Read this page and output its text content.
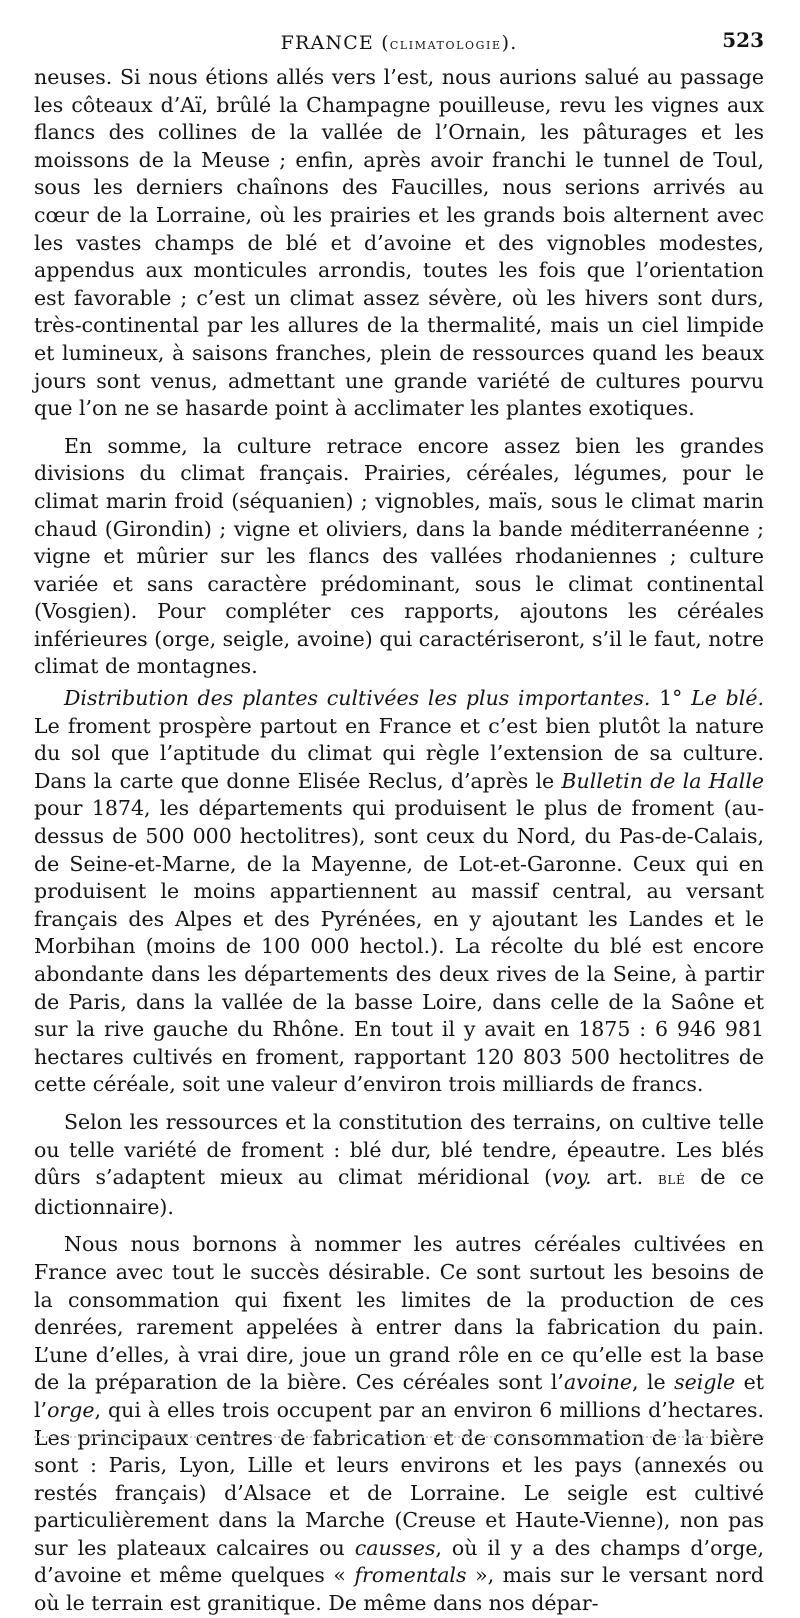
FRANCE (climatologie).	523

neuses. Si nous étions allés vers l’est, nous aurions salué au passage les côteaux d’Aï, brûlé la Champagne pouilleuse, revu les vignes aux flancs des collines de la vallée de l’Ornain, les pâturages et les moissons de la Meuse ; enfin, après avoir franchi le tunnel de Toul, sous les derniers chaînons des Faucilles, nous serions arrivés au cœur de la Lorraine, où les prairies et les grands bois alternent avec les vastes champs de blé et d’avoine et des vignobles modestes, appendus aux monticules arrondis, toutes les fois que l’orientation est favorable ; c’est un climat assez sévère, où les hivers sont durs, très-continental par les allures de la thermalité, mais un ciel limpide et lumineux, à saisons franches, plein de ressources quand les beaux jours sont venus, admettant une grande variété de cultures pourvu que l’on ne se hasarde point à acclimater les plantes exotiques.

En somme, la culture retrace encore assez bien les grandes divisions du climat français. Prairies, céréales, légumes, pour le climat marin froid (séquanien) ; vignobles, maïs, sous le climat marin chaud (Girondin) ; vigne et oliviers, dans la bande méditerranéenne ; vigne et mûrier sur les flancs des vallées rhodaniennes ; culture variée et sans caractère prédominant, sous le climat continental (Vosgien). Pour compléter ces rapports, ajoutons les céréales inférieures (orge, seigle, avoine) qui caractériseront, s’il le faut, notre climat de montagnes.

Distribution des plantes cultivées les plus importantes. 1° Le blé. Le froment prospère partout en France et c’est bien plutôt la nature du sol que l’aptitude du climat qui règle l’extension de sa culture. Dans la carte que donne Elisée Reclus, d’après le Bulletin de la Halle pour 1874, les départements qui produisent le plus de froment (au-dessus de 500 000 hectolitres), sont ceux du Nord, du Pas-de-Calais, de Seine-et-Marne, de la Mayenne, de Lot-et-Garonne. Ceux qui en produisent le moins appartiennent au massif central, au versant français des Alpes et des Pyrénées, en y ajoutant les Landes et le Morbihan (moins de 100 000 hectol.). La récolte du blé est encore abondante dans les départements des deux rives de la Seine, à partir de Paris, dans la vallée de la basse Loire, dans celle de la Saône et sur la rive gauche du Rhône. En tout il y avait en 1875 : 6 946 981 hectares cultivés en froment, rapportant 120 803 500 hectolitres de cette céréale, soit une valeur d’environ trois milliards de francs.

Selon les ressources et la constitution des terrains, on cultive telle ou telle variété de froment : blé dur, blé tendre, épeautre. Les blés dûrs s’adaptent mieux au climat méridional (voy. art. blé de ce dictionnaire).

Nous nous bornons à nommer les autres céréales cultivées en France avec tout le succès désirable. Ce sont surtout les besoins de la consommation qui fixent les limites de la production de ces denrées, rarement appelées à entrer dans la fabrication du pain. L’une d’elles, à vrai dire, joue un grand rôle en ce qu’elle est la base de la préparation de la bière. Ces céréales sont l’avoine, le seigle et l’orge, qui à elles trois occupent par an environ 6 millions d’hectares. Les principaux centres de fabrication et de consommation de la bière sont : Paris, Lyon, Lille et leurs environs et les pays (annexés ou restés français) d’Alsace et de Lorraine. Le seigle est cultivé particulièrement dans la Marche (Creuse et Haute-Vienne), non pas sur les plateaux calcaires ou causses, où il y a des champs d’orge, d’avoine et même quelques « fromentals », mais sur le versant nord où le terrain est granitique. De même dans nos dépar-
